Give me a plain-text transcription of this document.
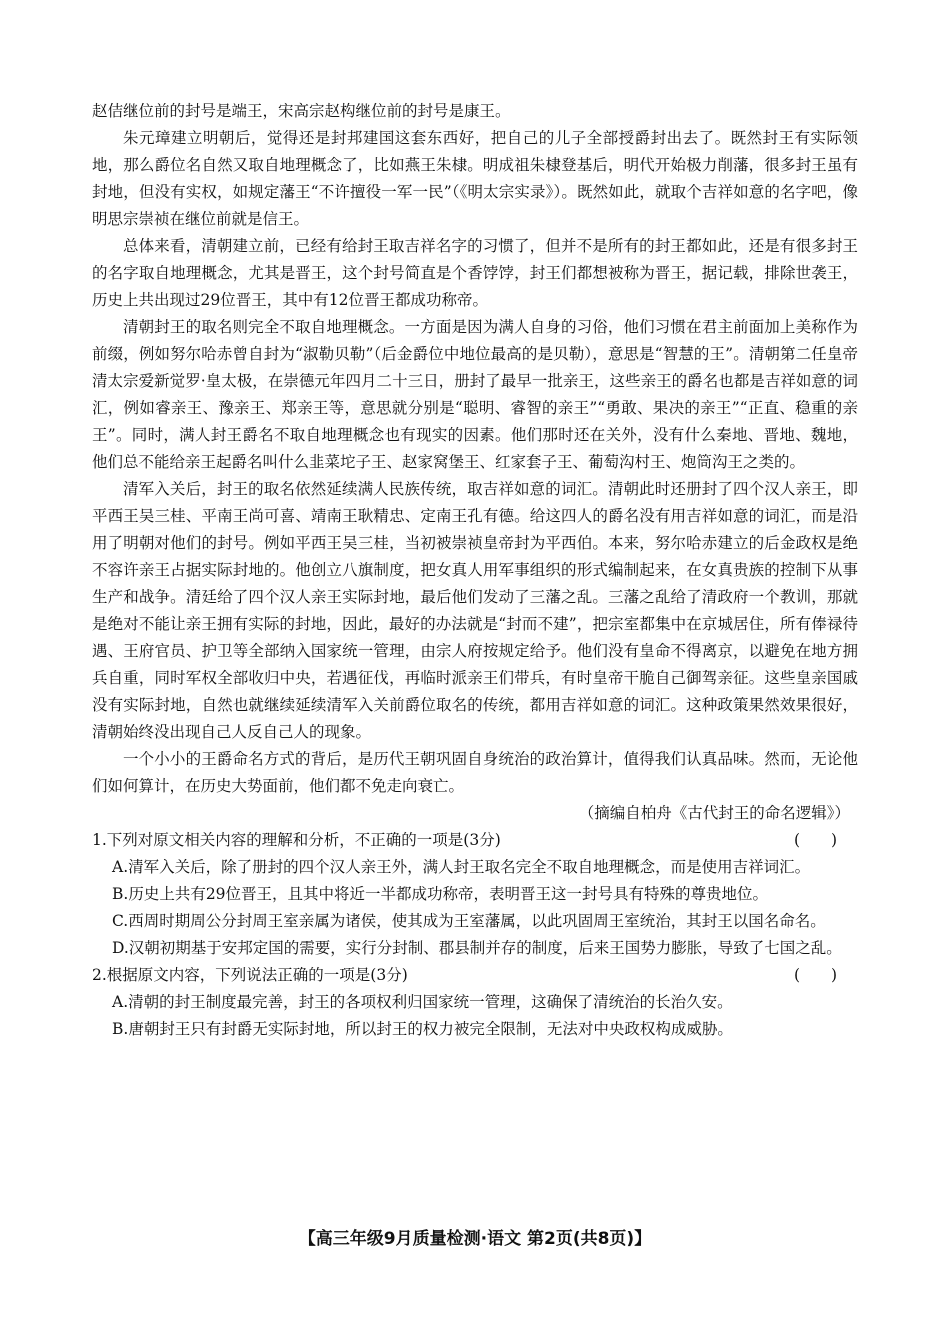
赵佶继位前的封号是端王，宋高宗赵构继位前的封号是康王。

朱元璋建立明朝后，觉得还是封邦建国这套东西好，把自己的儿子全部授爵封出去了。既然封王有实际领地，那么爵位名自然又取自地理概念了，比如燕王朱棣。明成祖朱棣登基后，明代开始极力削藩，很多封王虽有封地，但没有实权，如规定藩王“不许擅役一军一民”（《明太宗实录》）。既然如此，就取个吉祥如意的名字吧，像明思宗崇祯在继位前就是信王。

总体来看，清朝建立前，已经有给封王取吉祥名字的习惯了，但并不是所有的封王都如此，还是有很多封王的名字取自地理概念，尤其是晋王，这个封号简直是个香饽饽，封王们都想被称为晋王，据记载，排除世袭王，历史上共出现过29位晋王，其中有12位晋王都成功称帝。

清朝封王的取名则完全不取自地理概念。一方面是因为满人自身的习俗，他们习惯在君主前面加上美称作为前缀，例如努尔哈赤曾自封为“淑勒贝勒”（后金爵位中地位最高的是贝勒），意思是“智慧的王”。清朝第二任皇帝清太宗爱新觉罗·皇太极，在崇德元年四月二十三日，册封了最早一批亲王，这些亲王的爵名也都是吉祥如意的词汇，例如睿亲王、豫亲王、郑亲王等，意思就分别是“聪明、睿智的亲王”“勇敢、果决的亲王”“正直、稳重的亲王”。同时，满人封王爵名不取自地理概念也有现实的因素。他们那时还在关外，没有什么秦地、晋地、魏地，他们总不能给亲王起爵名叫什么韭菜坨子王、赵家窝堡王、红家套子王、葡萄沟村王、炮筒沟王之类的。

清军入关后，封王的取名依然延续满人民族传统，取吉祥如意的词汇。清朝此时还册封了四个汉人亲王，即平西王吴三桂、平南王尚可喜、靖南王耿精忠、定南王孔有德。给这四人的爵名没有用吉祥如意的词汇，而是沿用了明朝对他们的封号。例如平西王吴三桂，当初被崇祯皇帝封为平西伯。本来，努尔哈赤建立的后金政权是绝不容许亲王占据实际封地的。他创立八旗制度，把女真人用军事组织的形式编制起来，在女真贵族的控制下从事生产和战争。清廷给了四个汉人亲王实际封地，最后他们发动了三藩之乱。三藩之乱给了清政府一个教训，那就是绝对不能让亲王拥有实际的封地，因此，最好的办法就是“封而不建”，把宗室都集中在京城居住，所有俸禄待遇、王府官员、护卫等全部纳入国家统一管理，由宗人府按规定给予。他们没有皇命不得离京，以避免在地方拥兵自重，同时军权全部收归中央，若遇征伐，再临时派亲王们带兵，有时皇帝干脆自己御驾亲征。这些皇亲国戚没有实际封地，自然也就继续延续清军入关前爵位取名的传统，都用吉祥如意的词汇。这种政策果然效果很好，清朝始终没出现自己人反自己人的现象。

一个小小的王爵命名方式的背后，是历代王朝巩固自身统治的政治算计，值得我们认真品味。然而，无论他们如何算计，在历史大势面前，他们都不免走向衰亡。

（摘编自柏舟《古代封王的命名逻辑》）

1.下列对原文相关内容的理解和分析，不正确的一项是(3分)	(　　)

A.清军入关后，除了册封的四个汉人亲王外，满人封王取名完全不取自地理概念，而是使用吉祥词汇。

B.历史上共有29位晋王，且其中将近一半都成功称帝，表明晋王这一封号具有特殊的尊贵地位。

C.西周时期周公分封周王室亲属为诸侯，使其成为王室藩属，以此巩固周王室统治，其封王以国名命名。

D.汉朝初期基于安邦定国的需要，实行分封制、郡县制并存的制度，后来王国势力膨胀，导致了七国之乱。

2.根据原文内容，下列说法正确的一项是(3分)	(　　)

A.清朝的封王制度最完善，封王的各项权利归国家统一管理，这确保了清统治的长治久安。

B.唐朝封王只有封爵无实际封地，所以封王的权力被完全限制，无法对中央政权构成威胁。

【高三年级9月质量检测·语文 第2页(共8页)】
